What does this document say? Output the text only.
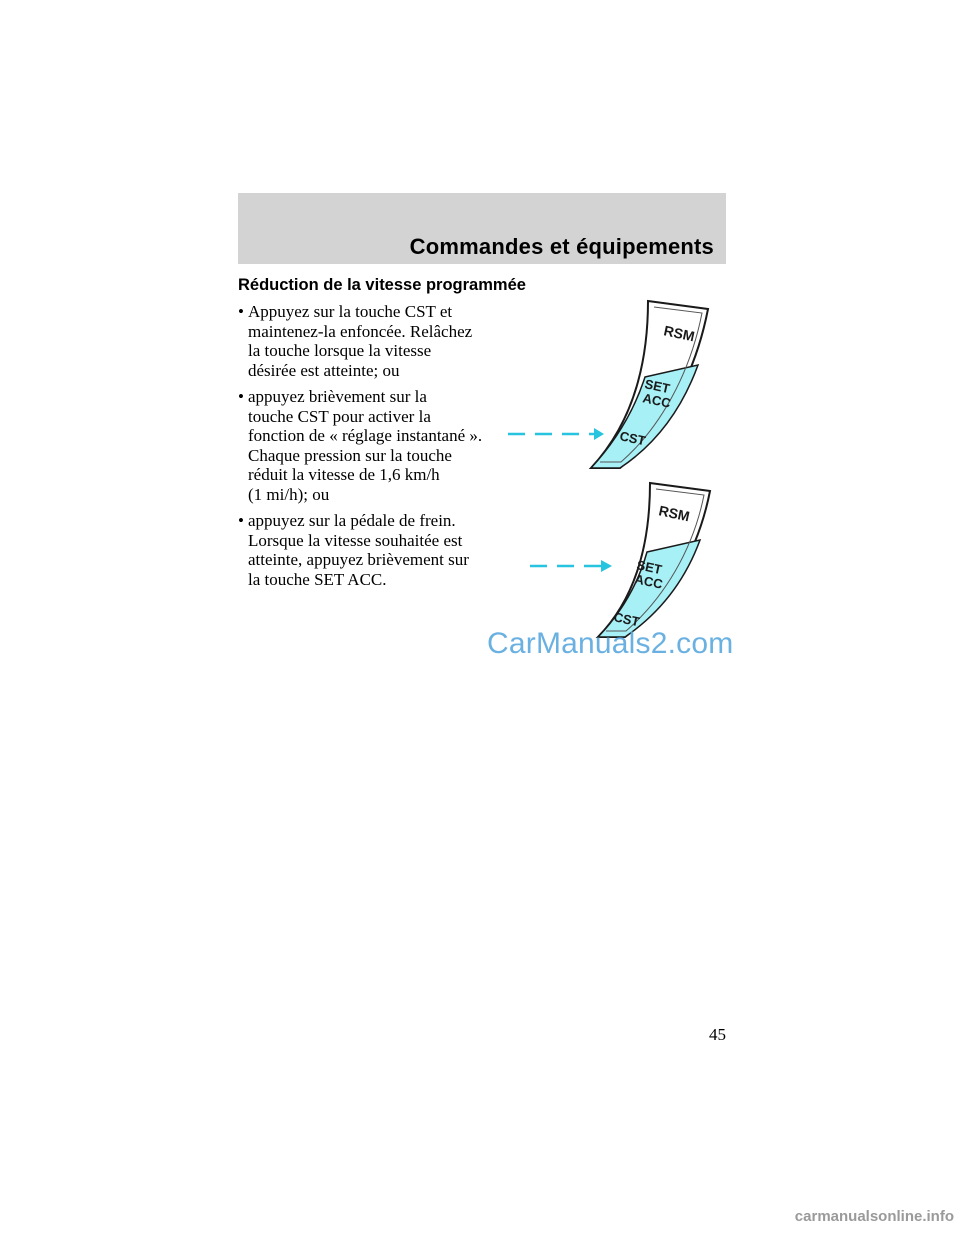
Commandes et équipements
Réduction de la vitesse programmée
• Appuyez sur la touche CST et
maintenez-la enfoncée. Relâchez
la touche lorsque la vitesse
désirée est atteinte; ou
• appuyez brièvement sur la
touche CST pour activer la
fonction de « réglage instantané ».
Chaque pression sur la touche
réduit la vitesse de 1,6 km/h
(1 mi/h); ou
• appuyez sur la pédale de frein.
Lorsque la vitesse souhaitée est
atteinte, appuyez brièvement sur
la touche SET ACC.
RSM
SET
ACC
CST
RSM
SET
ACC
CST
CarManuals2.com
45
carmanualsonline.info
